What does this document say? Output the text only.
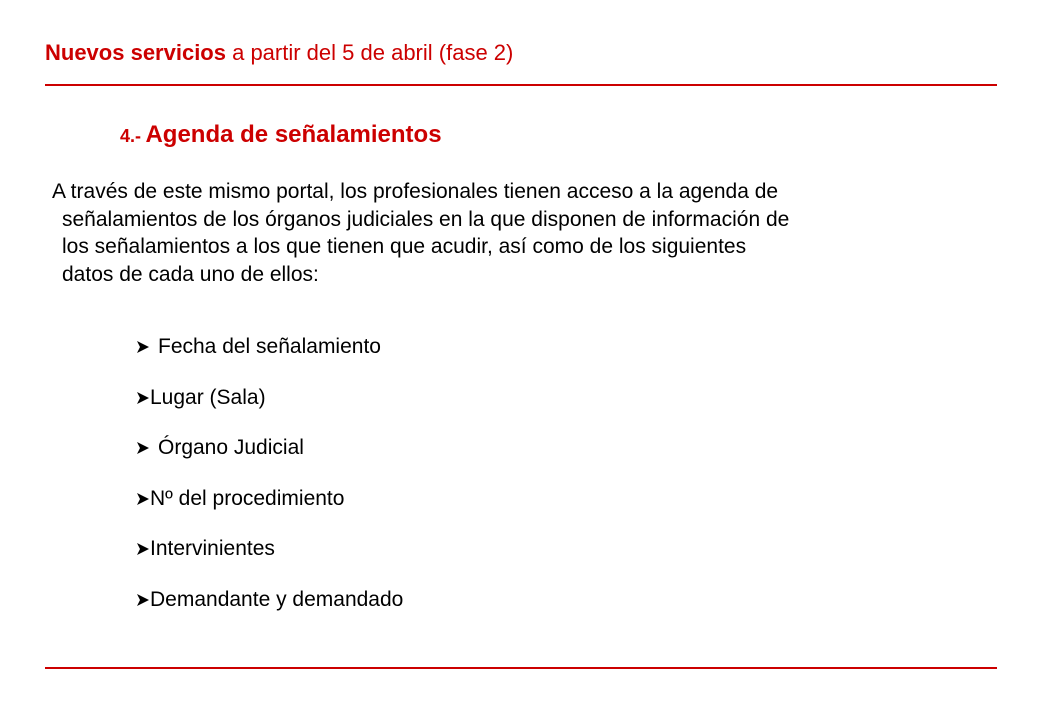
Nuevos servicios a partir del 5 de abril (fase 2)
4.- Agenda de señalamientos
A través de este mismo portal, los profesionales tienen acceso a la agenda de
señalamientos de los órganos judiciales en la que disponen de información de
los señalamientos a los que tienen que acudir, así como de los siguientes
datos de cada uno de ellos:
Fecha del señalamiento
Lugar (Sala)
Órgano Judicial
Nº del procedimiento
Intervinientes
Demandante y demandado
